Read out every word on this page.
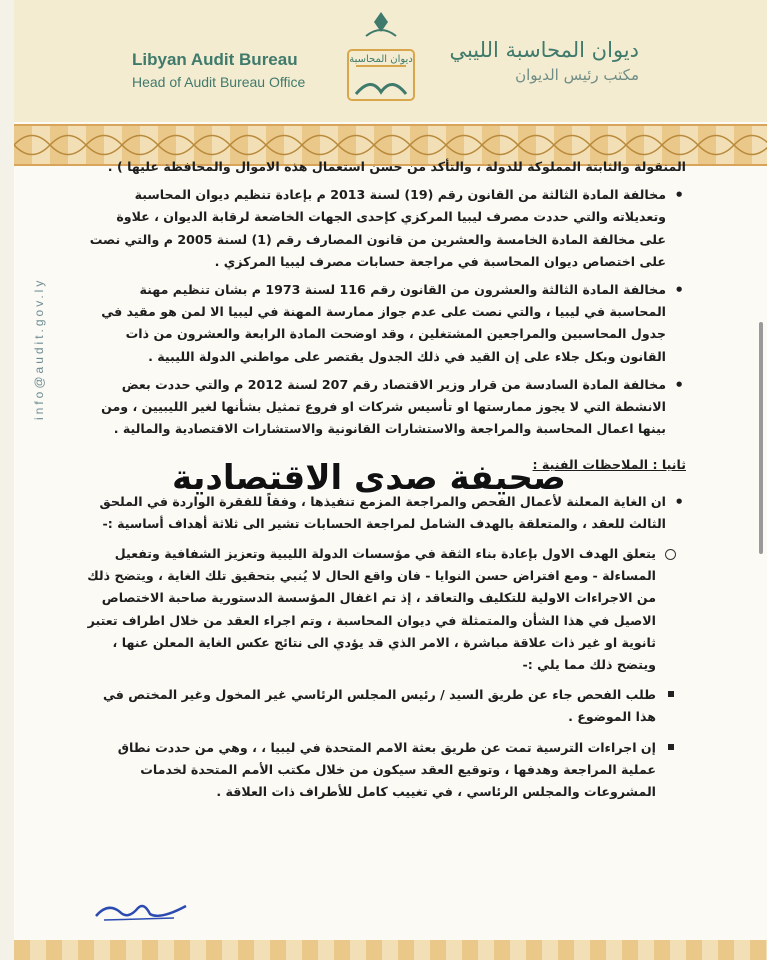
Libyan Audit Bureau
Head of Audit Bureau Office
ديوان المحاسبة ديوان المحاسبة الليبي
مكتب رئيس الديوان
info@audit.gov.ly

المنقولة والثابتة المملوكة للدولة ، والتأكد من حسن استعمال هذه الاموال والمحافظة عليها ) .

• مخالفة المادة الثالثة من القانون رقم (19) لسنة 2013 م بإعادة تنظيم ديوان المحاسبة وتعديلاته والتي حددت مصرف ليبيا المركزي كإحدى الجهات الخاضعة لرقابة الديوان ، علاوة على مخالفة المادة الخامسة والعشرين من قانون المصارف رقم (1) لسنة 2005 م والتي نصت على اختصاص ديوان المحاسبة في مراجعة حسابات مصرف ليبيا المركزي .
• مخالفة المادة الثالثة والعشرون من القانون رقم 116 لسنة 1973 م بشان تنظيم مهنة المحاسبة في ليبيا ، والتي نصت على عدم جواز ممارسة المهنة في ليبيا الا لمن هو مقيد في جدول المحاسبين والمراجعين المشتغلين ، وقد اوضحت المادة الرابعة والعشرون من ذات القانون وبكل جلاء على إن القيد في ذلك الجدول يقتصر على مواطني الدولة الليبية .
• مخالفة المادة السادسة من قرار وزير الاقتصاد رقم 207 لسنة 2012 م والتي حددت بعض الانشطة التي لا يجوز ممارستها او تأسيس شركات او فروع تمثيل بشأنها لغير الليبيين ، ومن بينها اعمال المحاسبة والمراجعة والاستشارات القانونية والاستشارات الاقتصادية والمالية .
ثانيا : الملاحظات الفنية :
• ان الغاية المعلنة لأعمال الفحص والمراجعة المزمع تنفيذها ، وفقاً للفقرة الواردة في الملحق الثالث للعقد ، والمتعلقة بالهدف الشامل لمراجعة الحسابات تشير الى ثلاثة أهداف أساسية :-
يتعلق الهدف الاول بإعادة بناء الثقة في مؤسسات الدولة الليبية وتعزيز الشفافية وتفعيل المساءلة - ومع افتراض حسن النوايا - فان واقع الحال لا يُنبي بتحقيق تلك الغاية ، ويتضح ذلك من الاجراءات الاولية للتكليف والتعاقد ، إذ تم اغفال المؤسسة الدستورية صاحبة الاختصاص الاصيل في هذا الشأن والمتمثلة في ديوان المحاسبة ، وتم اجراء العقد من خلال اطراف تعتبر ثانوية او غير ذات علاقة مباشرة ، الامر الذي قد يؤدي الى نتائج عكس الغاية المعلن عنها ، ويتضح ذلك مما يلي :-
طلب الفحص جاء عن طريق السيد / رئيس المجلس الرئاسي غير المخول وغير المختص في هذا الموضوع .
إن اجراءات الترسية تمت عن طريق بعثة الامم المتحدة في ليبيا ، ، وهي من حددت نطاق عملية المراجعة وهدفها ، وتوقيع العقد سيكون من خلال مكتب الأمم المتحدة لخدمات المشروعات والمجلس الرئاسي ، في تغييب كامل للأطراف ذات العلاقة .
صحيفة صدى الاقتصادية
